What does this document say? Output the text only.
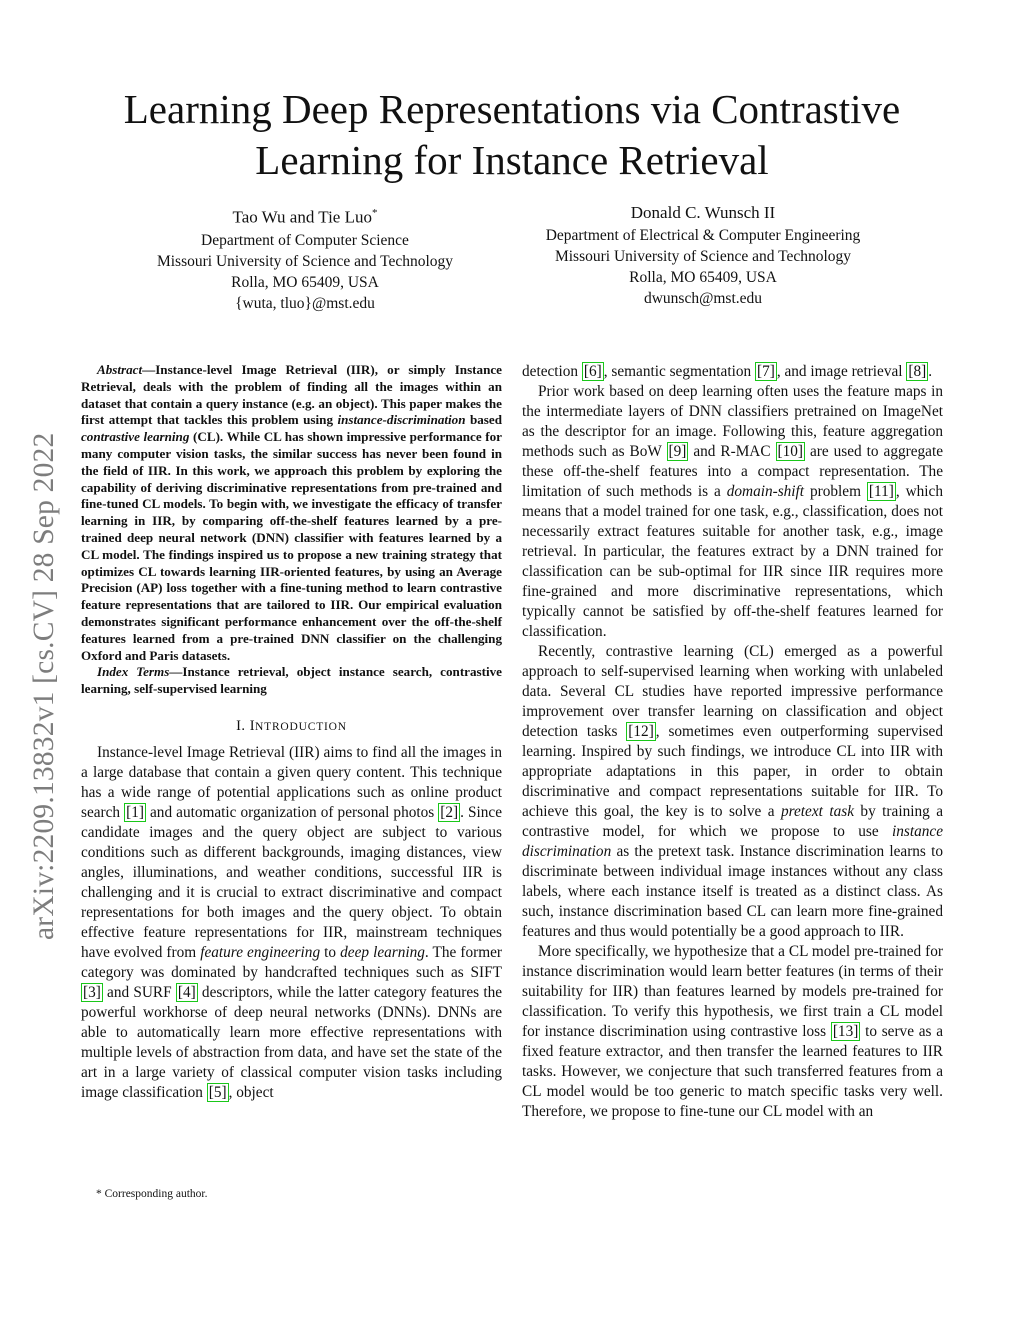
Learning Deep Representations via Contrastive
Learning for Instance Retrieval
Tao Wu and Tie Luo*
Department of Computer Science
Missouri University of Science and Technology
Rolla, MO 65409, USA
{wuta, tluo}@mst.edu
Donald C. Wunsch II
Department of Electrical & Computer Engineering
Missouri University of Science and Technology
Rolla, MO 65409, USA
dwunsch@mst.edu
arXiv:2209.13832v1 [cs.CV] 28 Sep 2022
Abstract—Instance-level Image Retrieval (IIR), or simply Instance Retrieval, deals with the problem of finding all the images within an dataset that contain a query instance (e.g. an object). This paper makes the first attempt that tackles this problem using instance-discrimination based contrastive learning (CL). While CL has shown impressive performance for many computer vision tasks, the similar success has never been found in the field of IIR. In this work, we approach this problem by exploring the capability of deriving discriminative representations from pre-trained and fine-tuned CL models. To begin with, we investigate the efficacy of transfer learning in IIR, by comparing off-the-shelf features learned by a pre-trained deep neural network (DNN) classifier with features learned by a CL model. The findings inspired us to propose a new training strategy that optimizes CL towards learning IIR-oriented features, by using an Average Precision (AP) loss together with a fine-tuning method to learn contrastive feature representations that are tailored to IIR. Our empirical evaluation demonstrates significant performance enhancement over the off-the-shelf features learned from a pre-trained DNN classifier on the challenging Oxford and Paris datasets.
Index Terms—Instance retrieval, object instance search, contrastive learning, self-supervised learning
I. INTRODUCTION

Instance-level Image Retrieval (IIR) aims to find all the images in a large database that contain a given query content. This technique has a wide range of potential applications such as online product search [1] and automatic organization of personal photos [2] . Since candidate images and the query object are subject to various conditions such as different backgrounds, imaging distances, view angles, illuminations, and weather conditions, successful IIR is challenging and it is crucial to extract discriminative and compact representations for both images and the query object. To obtain effective feature representations for IIR, mainstream techniques have evolved from feature engineering to deep learning. The former category was dominated by handcrafted techniques such as SIFT [3] and SURF [4] descriptors, while the latter category features the powerful workhorse of deep neural networks (DNNs). DNNs are able to automatically learn more effective representations with multiple levels of abstraction from data, and have set the state of the art in a large variety of classical computer vision tasks including image classification [5] , object

detection [6] , semantic segmentation [7] , and image retrieval [8] .

Prior work based on deep learning often uses the feature maps in the intermediate layers of DNN classifiers pretrained on ImageNet as the descriptor for an image. Following this, feature aggregation methods such as BoW [9] and R-MAC [10] are used to aggregate these off-the-shelf features into a compact representation. The limitation of such methods is a domain-shift problem [11] , which means that a model trained for one task, e.g., classification, does not necessarily extract features suitable for another task, e.g., image retrieval. In particular, the features extract by a DNN trained for classification can be sub-optimal for IIR since IIR requires more fine-grained and more discriminative representations, which typically cannot be satisfied by off-the-shelf features learned for classification.

Recently, contrastive learning (CL) emerged as a powerful approach to self-supervised learning when working with unlabeled data. Several CL studies have reported impressive performance improvement over transfer learning on classification and object detection tasks [12] , sometimes even outperforming supervised learning. Inspired by such findings, we introduce CL into IIR with appropriate adaptations in this paper, in order to obtain discriminative and compact representations suitable for IIR. To achieve this goal, the key is to solve a pretext task by training a contrastive model, for which we propose to use instance discrimination as the pretext task. Instance discrimination learns to discriminate between individual image instances without any class labels, where each instance itself is treated as a distinct class. As such, instance discrimination based CL can learn more fine-grained features and thus would potentially be a good approach to IIR.

More specifically, we hypothesize that a CL model pre-trained for instance discrimination would learn better features (in terms of their suitability for IIR) than features learned by models pre-trained for classification. To verify this hypothesis, we first train a CL model for instance discrimination using contrastive loss [13] to serve as a fixed feature extractor, and then transfer the learned features to IIR tasks. However, we conjecture that such transferred features from a CL model would be too generic to match specific tasks very well. Therefore, we propose to fine-tune our CL model with an

* Corresponding author.
